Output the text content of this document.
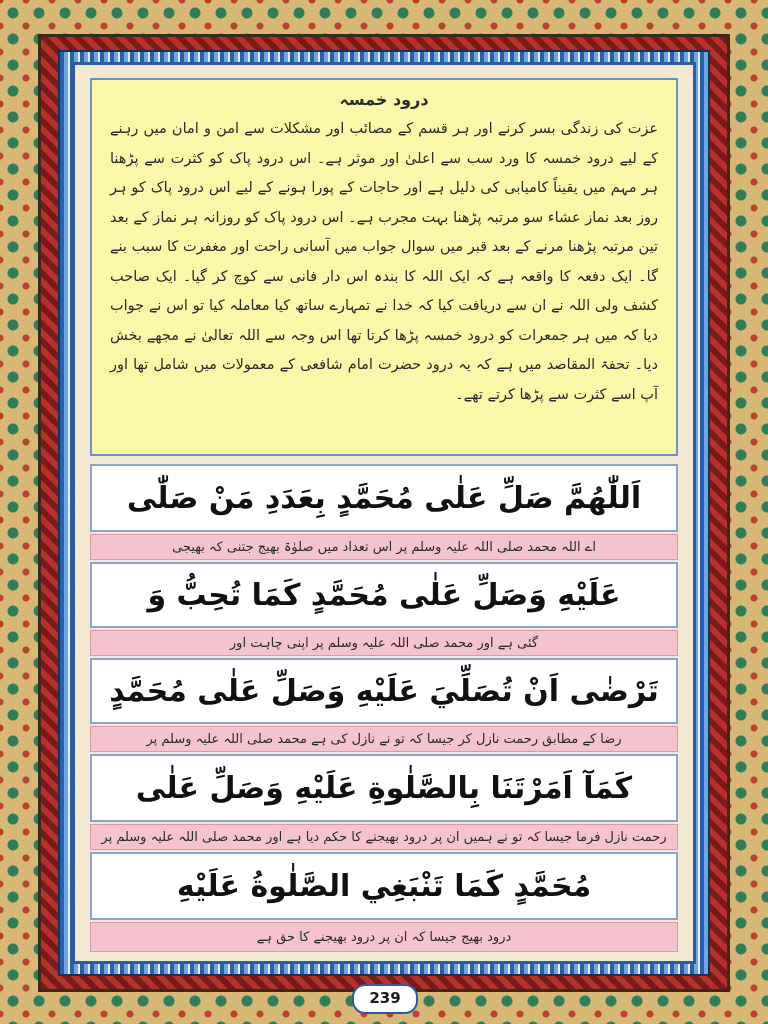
درود خمسہ

عزت کی زندگی بسر کرنے اور ہر قسم کے مصائب اور مشکلات سے امن و امان میں رہنے کے لیے درود خمسہ کا ورد سب سے اعلیٰ اور موثر ہے۔ اس درود پاک کو کثرت سے پڑھنا ہر مہم میں یقیناً کامیابی کی دلیل ہے اور حاجات کے پورا ہونے کے لیے اس درود پاک کو ہر روز بعد نماز عشاء سو مرتبہ پڑھنا بہت مجرب ہے۔ اس درود پاک کو روزانہ ہر نماز کے بعد تین مرتبہ پڑھنا مرنے کے بعد قبر میں سوال جواب میں آسانی راحت اور مغفرت کا سبب بنے گا۔ ایک دفعہ کا واقعہ ہے کہ ایک اللہ کا بندہ اس دار فانی سے کوچ کر گیا۔ ایک صاحب کشف ولی اللہ نے ان سے دریافت کیا کہ خدا نے تمہارے ساتھ کیا معاملہ کیا تو اس نے جواب دیا کہ میں ہر جمعرات کو درود خمسہ پڑھا کرتا تھا اس وجہ سے اللہ تعالیٰ نے مجھے بخش دیا۔ تحفۃ المقاصد میں ہے کہ یہ درود حضرت امام شافعی کے معمولات میں شامل تھا اور آپ اسے کثرت سے پڑھا کرتے تھے۔

اَللّٰهُمَّ صَلِّ عَلٰى مُحَمَّدٍ بِعَدَدِ مَنْ صَلّٰى
اے اللہ محمد صلی اللہ علیہ وسلم پر اس تعداد میں صلوٰۃ بھیج جتنی کہ بھیجی
عَلَيْهِ وَصَلِّ عَلٰى مُحَمَّدٍ كَمَا تُحِبُّ وَ
گئی ہے اور محمد صلی اللہ علیہ وسلم پر اپنی چاہت اور
تَرْضٰى اَنْ تُصَلِّيَ عَلَيْهِ وَصَلِّ عَلٰى مُحَمَّدٍ
رضا کے مطابق رحمت نازل کر جیسا کہ تو نے نازل کی ہے محمد صلی اللہ علیہ وسلم پر
كَمَآ اَمَرْتَنَا بِالصَّلٰوةِ عَلَيْهِ وَصَلِّ عَلٰى
رحمت نازل فرما جیسا کہ تو نے ہمیں ان پر درود بھیجنے کا حکم دیا ہے اور محمد صلی اللہ علیہ وسلم پر
مُحَمَّدٍ كَمَا تَنْبَغِي الصَّلٰوةُ عَلَيْهِ
درود بھیج جیسا کہ ان پر درود بھیجنے کا حق ہے
239
